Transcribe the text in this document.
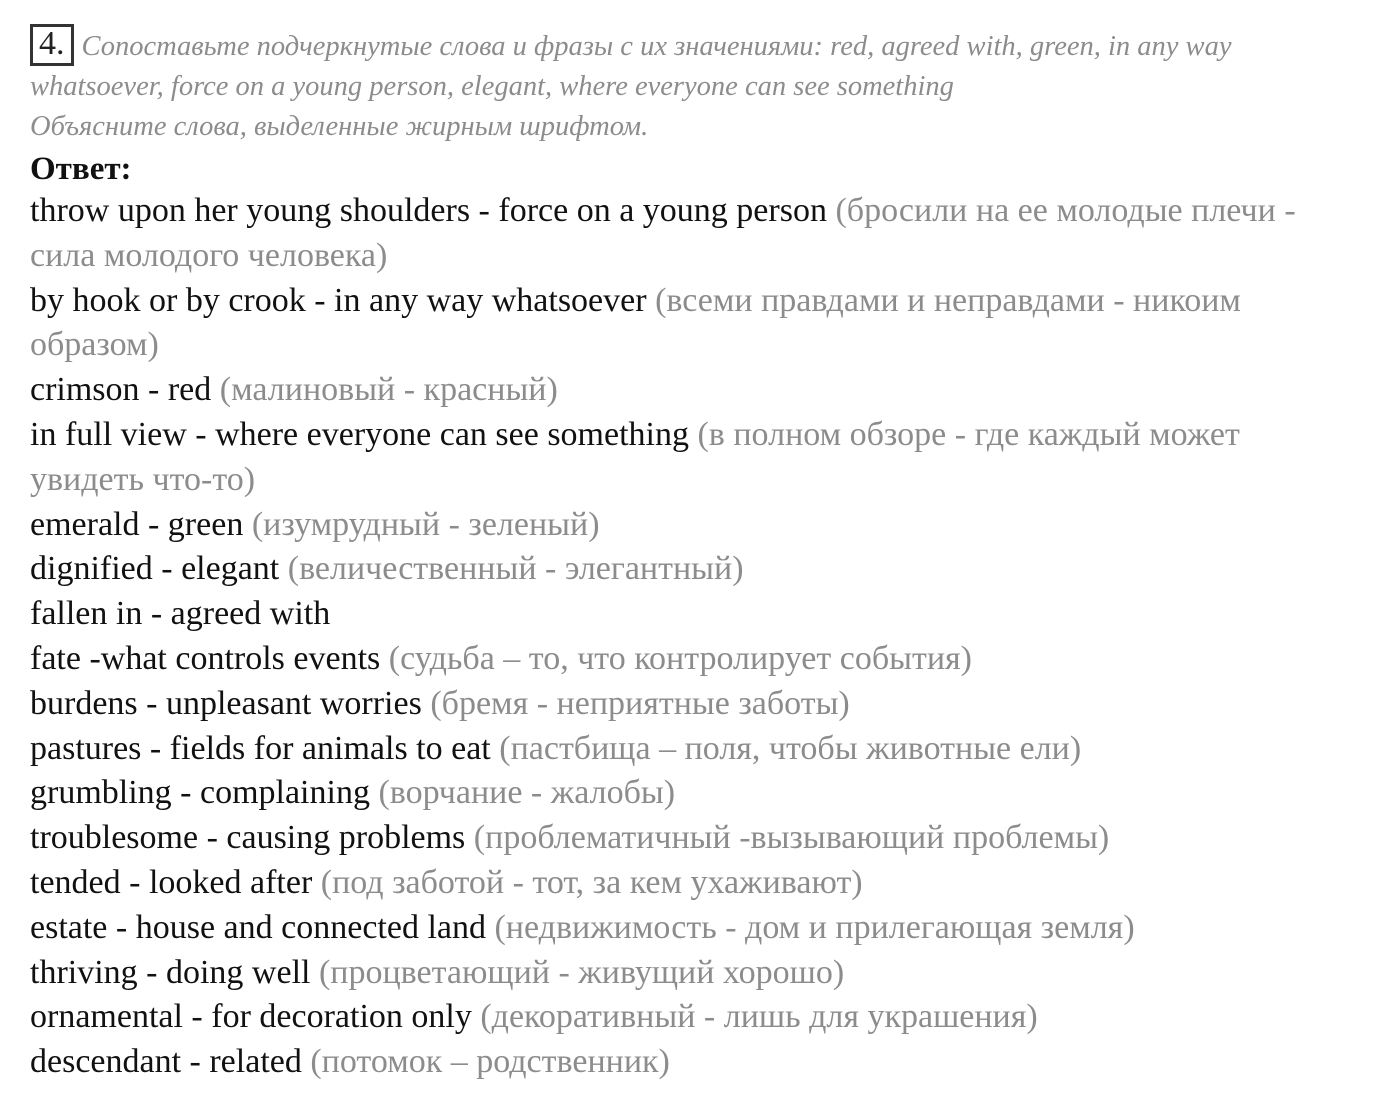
4. Сопоставьте подчеркнутые слова и фразы с их значениями: red, agreed with, green, in any way whatsoever, force on a young person, elegant, where everyone can see something
Объясните слова, выделенные жирным шрифтом.

Ответ:
throw upon her young shoulders - force on a young person (бросили на ее молодые плечи - сила молодого человека)
by hook or by crook - in any way whatsoever (всеми правдами и неправдами - никоим образом)
crimson - red (малиновый - красный)
in full view - where everyone can see something (в полном обзоре - где каждый может увидеть что-то)
emerald - green (изумрудный - зеленый)
dignified - elegant (величественный - элегантный)
fallen in - agreed with
fate -what controls events (судьба – то, что контролирует события)
burdens - unpleasant worries (бремя - неприятные заботы)
pastures - fields for animals to eat (пастбища – поля, чтобы животные ели)
grumbling - complaining (ворчание - жалобы)
troublesome - causing problems (проблематичный -вызывающий проблемы)
tended - looked after (под заботой - тот, за кем ухаживают)
estate - house and connected land (недвижимость - дом и прилегающая земля)
thriving - doing well (процветающий - живущий хорошо)
ornamental - for decoration only (декоративный - лишь для украшения)
descendant - related (потомок – родственник)
